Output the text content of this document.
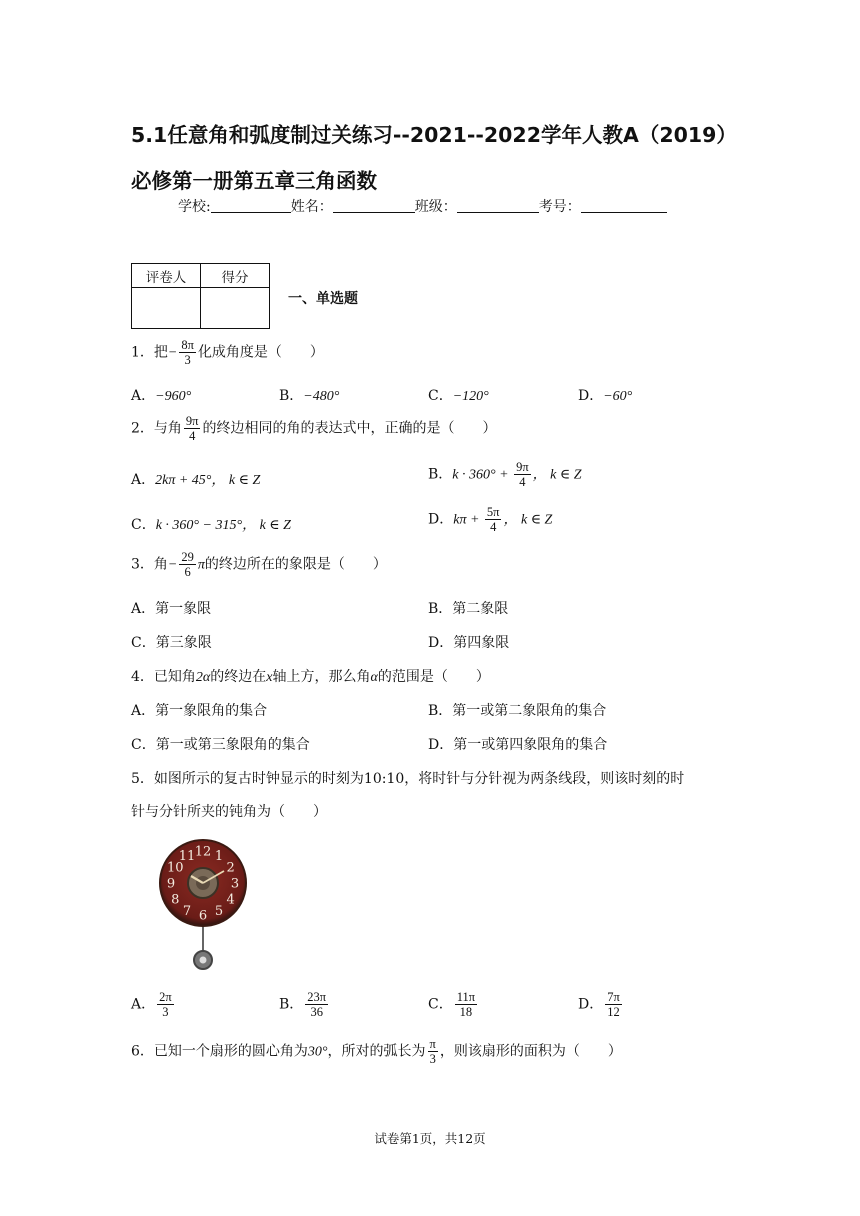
5.1任意角和弧度制过关练习--2021--2022学年人教A（2019）必修第一册第五章三角函数
学校:	姓名：	班级：	考号：
评卷人	得分

一、单选题
1．把− $\frac{8\pi}{3}$ 化成角度是（　　）
A．−960°	B．−480°	C．−120°	D．−60°
2．与角 $\frac{9\pi}{4}$ 的终边相同的角的表达式中，正确的是（　　）
A．2kπ + 45°， k ∈ Z	B．$k \cdot 360^\circ + \frac{9\pi}{4}$ ， k ∈ Z
C．k · 360° − 315°， k ∈ Z	D．$k\pi + \frac{5\pi}{4}$ ， k ∈ Z
3．角− $\frac{29}{6}$ π的终边所在的象限是（　　）
A．第一象限	B．第二象限
C．第三象限	D．第四象限
4．已知角2α的终边在x轴上方，那么角α的范围是（　　）
A．第一象限角的集合	B．第一或第二象限角的集合
C．第一或第三象限角的集合	D．第一或第四象限角的集合
5．如图所示的复古时钟显示的时刻为10:10，将时针与分针视为两条线段，则该时刻的时
针与分针所夹的钝角为（　　）
12 1
2
3
4
5
6
7
8
9
10
11
A． $\frac{2\pi}{3}$	B． $\frac{23\pi}{36}$	C． $\frac{11\pi}{18}$	D． $\frac{7\pi}{12}$
6．已知一个扇形的圆心角为30°，所对的弧长为 $\frac{\pi}{3}$ ，则该扇形的面积为（　　）
试卷第1页，共12页
